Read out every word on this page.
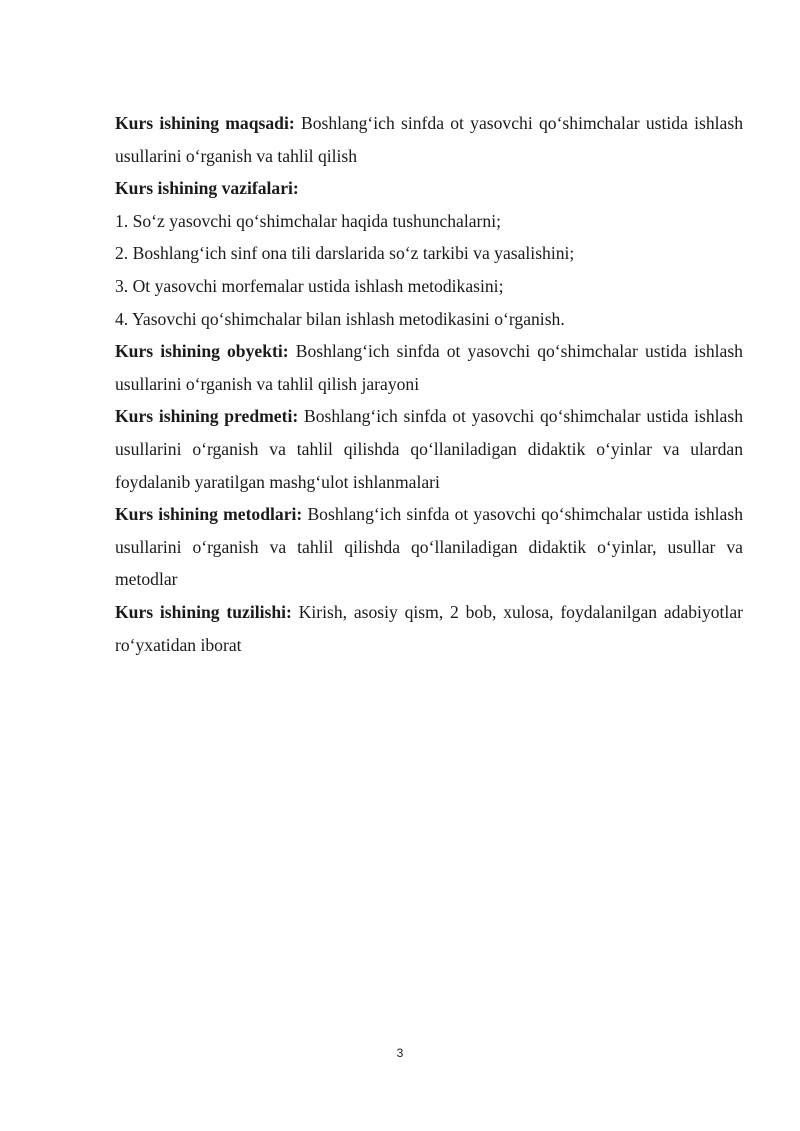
Kurs ishining maqsadi: Boshlang‘ich sinfda ot yasovchi qo‘shimchalar ustida ishlash usullarini o‘rganish va tahlil qilish

Kurs ishining vazifalari:

1. So‘z yasovchi qo‘shimchalar haqida tushunchalarni;

2. Boshlang‘ich sinf ona tili darslarida so‘z tarkibi va yasalishini;

3. Ot yasovchi morfemalar ustida ishlash metodikasini;

4. Yasovchi qo‘shimchalar bilan ishlash metodikasini o‘rganish.

Kurs ishining obyekti: Boshlang‘ich sinfda ot yasovchi qo‘shimchalar ustida ishlash usullarini o‘rganish va tahlil qilish jarayoni

Kurs ishining predmeti: Boshlang‘ich sinfda ot yasovchi qo‘shimchalar ustida ishlash usullarini o‘rganish va tahlil qilishda qo‘llaniladigan didaktik o‘yinlar va ulardan foydalanib yaratilgan mashg‘ulot ishlanmalari

Kurs ishining metodlari: Boshlang‘ich sinfda ot yasovchi qo‘shimchalar ustida ishlash usullarini o‘rganish va tahlil qilishda qo‘llaniladigan didaktik o‘yinlar, usullar va metodlar

Kurs ishining tuzilishi: Kirish, asosiy qism, 2 bob, xulosa, foydalanilgan adabiyotlar ro‘yxatidan iborat

3
